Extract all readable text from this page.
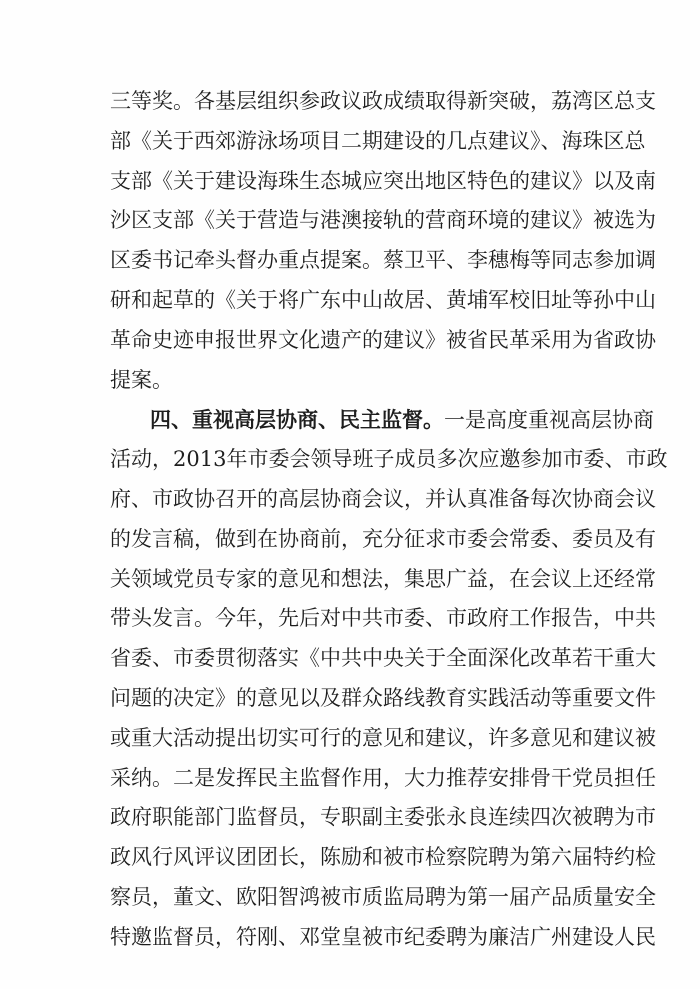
三等奖。各基层组织参政议政成绩取得新突破，荔湾区总支
部《关于西郊游泳场项目二期建设的几点建议》、海珠区总
支部《关于建设海珠生态城应突出地区特色的建议》以及南
沙区支部《关于营造与港澳接轨的营商环境的建议》被选为
区委书记牵头督办重点提案。蔡卫平、李穗梅等同志参加调
研和起草的《关于将广东中山故居、黄埔军校旧址等孙中山
革命史迹申报世界文化遗产的建议》被省民革采用为省政协
提案。
四、重视高层协商、民主监督。一是高度重视高层协商
活动，2013年市委会领导班子成员多次应邀参加市委、市政
府、市政协召开的高层协商会议，并认真准备每次协商会议
的发言稿，做到在协商前，充分征求市委会常委、委员及有
关领域党员专家的意见和想法，集思广益，在会议上还经常
带头发言。今年，先后对中共市委、市政府工作报告，中共
省委、市委贯彻落实《中共中央关于全面深化改革若干重大
问题的决定》的意见以及群众路线教育实践活动等重要文件
或重大活动提出切实可行的意见和建议，许多意见和建议被
采纳。二是发挥民主监督作用，大力推荐安排骨干党员担任
政府职能部门监督员，专职副主委张永良连续四次被聘为市
政风行风评议团团长，陈励和被市检察院聘为第六届特约检
察员，董文、欧阳智鸿被市质监局聘为第一届产品质量安全
特邀监督员，符刚、邓堂皇被市纪委聘为廉洁广州建设人民
